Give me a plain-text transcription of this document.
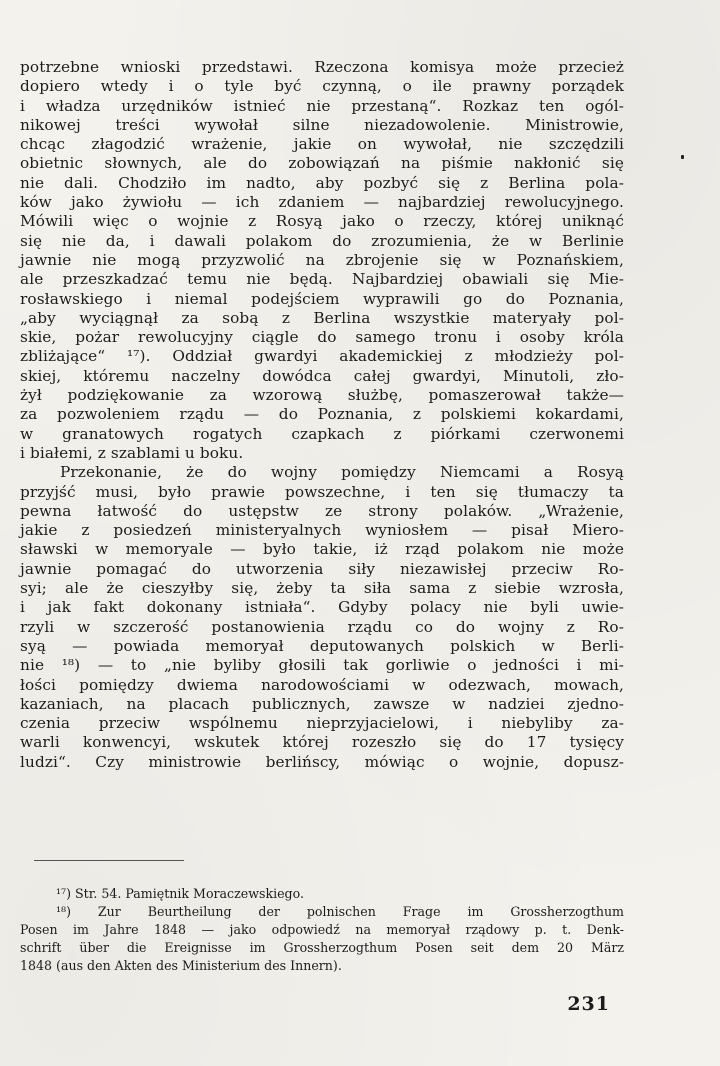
potrzebne wnioski przedstawi. Rzeczona komisya może przecież
dopiero wtedy i o tyle być czynną, o ile prawny porządek
i władza urzędników istnieć nie przestaną“. Rozkaz ten ogól-
nikowej treści wywołał silne niezadowolenie. Ministrowie,
chcąc złagodzić wrażenie, jakie on wywołał, nie szczędzili
obietnic słownych, ale do zobowiązań na piśmie nakłonić się
nie dali. Chodziło im nadto, aby pozbyć się z Berlina pola-
ków jako żywiołu — ich zdaniem — najbardziej rewolucyjnego.
Mówili więc o wojnie z Rosyą jako o rzeczy, której uniknąć
się nie da, i dawali polakom do zrozumienia, że w Berlinie
jawnie nie mogą przyzwolić na zbrojenie się w Poznańskiem,
ale przeszkadzać temu nie będą. Najbardziej obawiali się Mie-
rosławskiego i niemal podejściem wyprawili go do Poznania,
„aby wyciągnął za sobą z Berlina wszystkie materyały pol-
skie, pożar rewolucyjny ciągle do samego tronu i osoby króla
zbliżające“ ¹⁷). Oddział gwardyi akademickiej z młodzieży pol-
skiej, któremu naczelny dowódca całej gwardyi, Minutoli, zło-
żył podziękowanie za wzorową służbę, pomaszerował także—
za pozwoleniem rządu — do Poznania, z polskiemi kokardami,
w granatowych rogatych czapkach z piórkami czerwonemi
i białemi, z szablami u boku.
Przekonanie, że do wojny pomiędzy Niemcami a Rosyą
przyjść musi, było prawie powszechne, i ten się tłumaczy ta
pewna łatwość do ustępstw ze strony polaków. „Wrażenie,
jakie z posiedzeń ministeryalnych wyniosłem — pisał Miero-
sławski w memoryale — było takie, iż rząd polakom nie może
jawnie pomagać do utworzenia siły niezawisłej przeciw Ro-
syi; ale że cieszyłby się, żeby ta siła sama z siebie wzrosła,
i jak fakt dokonany istniała“. Gdyby polacy nie byli uwie-
rzyli w szczerość postanowienia rządu co do wojny z Ro-
syą — powiada memoryał deputowanych polskich w Berli-
nie ¹⁸) — to „nie byliby głosili tak gorliwie o jedności i mi-
łości pomiędzy dwiema narodowościami w odezwach, mowach,
kazaniach, na placach publicznych, zawsze w nadziei zjedno-
czenia przeciw wspólnemu nieprzyjacielowi, i niebyliby za-
warli konwencyi, wskutek której rozeszło się do 17 tysięcy
ludzi“. Czy ministrowie berlińscy, mówiąc o wojnie, dopusz-
¹⁷) Str. 54. Pamiętnik Moraczewskiego.
¹⁸) Zur Beurtheilung der polnischen Frage im Grossherzogthum
Posen im Jahre 1848 — jako odpowiedź na memoryał rządowy p. t. Denk-
schrift über die Ereignisse im Grossherzogthum Posen seit dem 20 März
1848 (aus den Akten des Ministerium des Innern).
231
